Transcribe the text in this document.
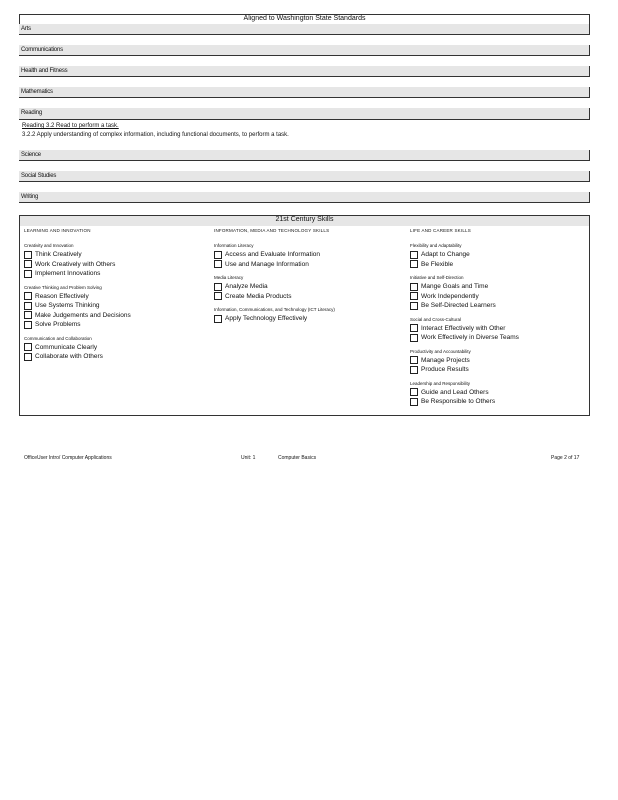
Aligned to Washington State Standards
Arts
Communications
Health and Fitness
Mathematics
Reading
Science
Social Studies
Writing
Reading 3.2 Read to perform a task.
3.2.2 Apply understanding of complex information, including functional documents, to perform a task.
21st Century Skills
LEARNING AND INNOVATION
Creativity and Innovation
Think Creatively
Work Creatively with Others
Implement Innovations
Creative Thinking and Problem Solving
Reason Effectively
Use Systems Thinking
Make Judgements and Decisions
Solve Problems
Communication and Collaboration
Communicate Clearly
Collaborate with Others
INFORMATION, MEDIA AND TECHNOLOGY SKILLS
Information Literacy
Access and Evaluate Information
Use and Manage Information
Media Literacy
Analyze Media
Create Media Products
Information, Communications, and Technology (ICT Literacy)
Apply Technology Effectively
LIFE AND CAREER SKILLS
Flexibility and Adaptability
Adapt to Change
Be Flexible
Initiative and Self-Direction
Mange Goals and Time
Work Independently
Be Self-Directed Learners
Social and Cross-Cultural
Interact Effectively with Other
Work Effectively in Diverse Teams
Productivity and Accountability
Manage Projects
Produce Results
Leadership and Responsibility
Guide and Lead Others
Be Responsible to Others
OfficeUser Intro/ Computer Applications	Unit: 1	Computer Basics	Page 2 of 17
